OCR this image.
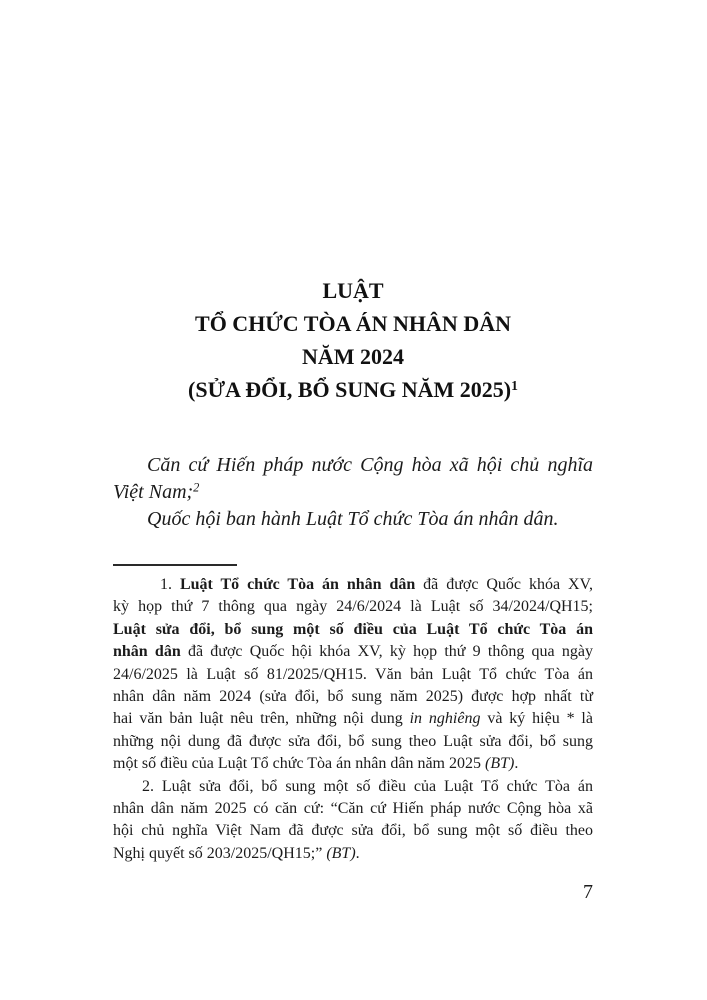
LUẬT
TỔ CHỨC TÒA ÁN NHÂN DÂN
NĂM 2024
(SỬA ĐỔI, BỔ SUNG NĂM 2025)$^1$
Căn cứ Hiến pháp nước Cộng hòa xã hội chủ nghĩa
Việt Nam;$^2$
Quốc hội ban hành Luật Tổ chức Tòa án nhân dân.
1. Luật Tổ chức Tòa án nhân dân đã được Quốc khóa XV,
kỳ họp thứ 7 thông qua ngày 24/6/2024 là Luật số 34/2024/QH15;
Luật sửa đổi, bổ sung một số điều của Luật Tổ chức Tòa án
nhân dân đã được Quốc hội khóa XV, kỳ họp thứ 9 thông qua ngày
24/6/2025 là Luật số 81/2025/QH15. Văn bản Luật Tổ chức Tòa án
nhân dân năm 2024 (sửa đổi, bổ sung năm 2025) được hợp nhất từ
hai văn bản luật nêu trên, những nội dung in nghiêng và ký hiệu * là
những nội dung đã được sửa đổi, bổ sung theo Luật sửa đổi, bổ sung
một số điều của Luật Tổ chức Tòa án nhân dân năm 2025 (BT).
2. Luật sửa đổi, bổ sung một số điều của Luật Tổ chức Tòa án
nhân dân năm 2025 có căn cứ: “Căn cứ Hiến pháp nước Cộng hòa xã
hội chủ nghĩa Việt Nam đã được sửa đổi, bổ sung một số điều theo
Nghị quyết số 203/2025/QH15;” (BT).
7
